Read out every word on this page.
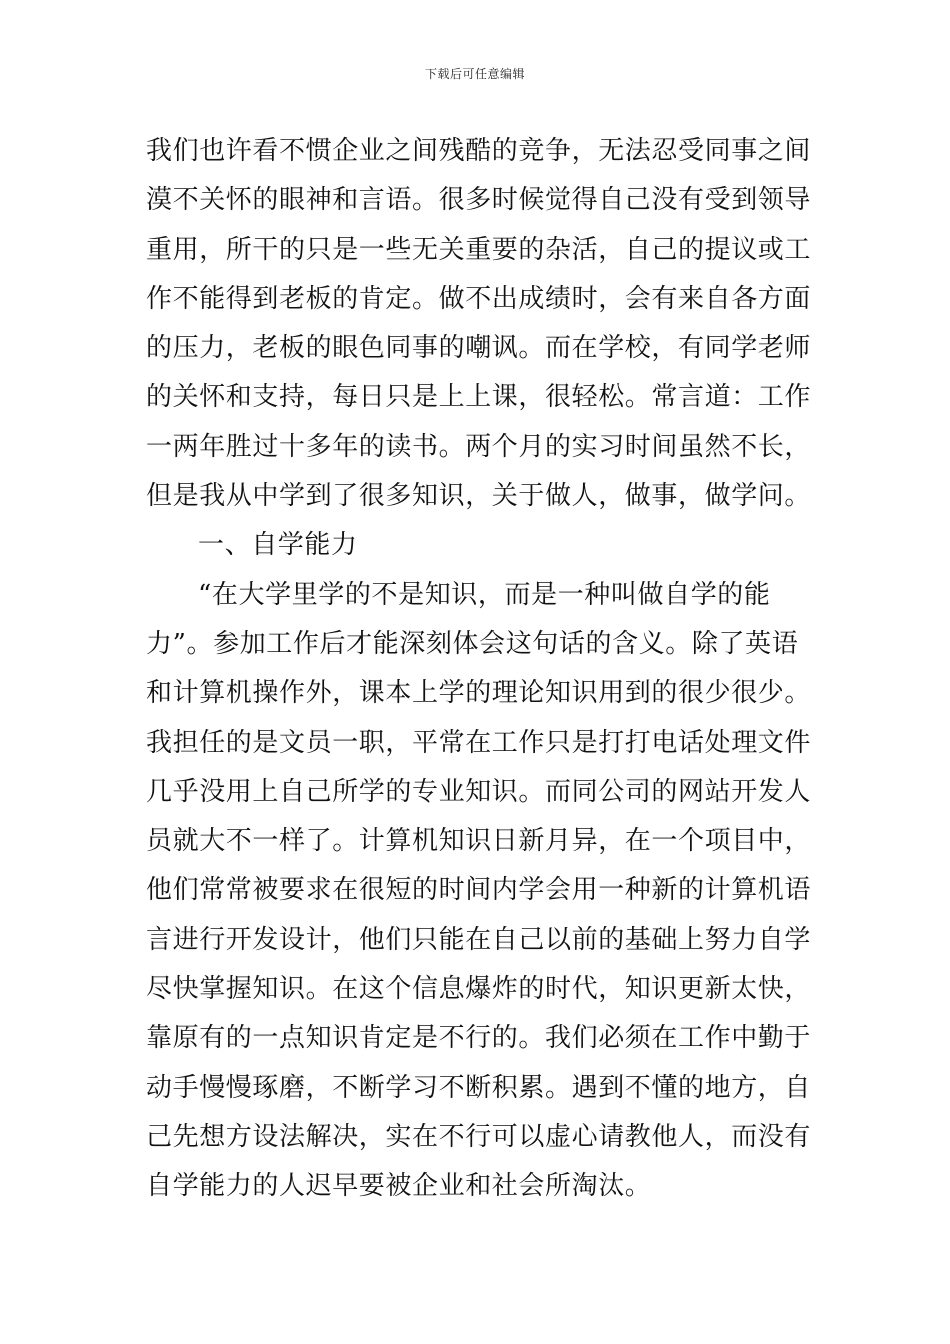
下载后可任意编辑
我们也许看不惯企业之间残酷的竞争，无法忍受同事之间
漠不关怀的眼神和言语。很多时候觉得自己没有受到领导
重用，所干的只是一些无关重要的杂活，自己的提议或工
作不能得到老板的肯定。做不出成绩时，会有来自各方面
的压力，老板的眼色同事的嘲讽。而在学校，有同学老师
的关怀和支持，每日只是上上课，很轻松。常言道：工作
一两年胜过十多年的读书。两个月的实习时间虽然不长，
但是我从中学到了很多知识，关于做人，做事，做学问。
一、自学能力
“在大学里学的不是知识，而是一种叫做自学的能
力”。参加工作后才能深刻体会这句话的含义。除了英语
和计算机操作外，课本上学的理论知识用到的很少很少。
我担任的是文员一职，平常在工作只是打打电话处理文件
几乎没用上自己所学的专业知识。而同公司的网站开发人
员就大不一样了。计算机知识日新月异，在一个项目中，
他们常常被要求在很短的时间内学会用一种新的计算机语
言进行开发设计，他们只能在自己以前的基础上努力自学
尽快掌握知识。在这个信息爆炸的时代，知识更新太快，
靠原有的一点知识肯定是不行的。我们必须在工作中勤于
动手慢慢琢磨，不断学习不断积累。遇到不懂的地方，自
己先想方设法解决，实在不行可以虚心请教他人，而没有
自学能力的人迟早要被企业和社会所淘汰。
